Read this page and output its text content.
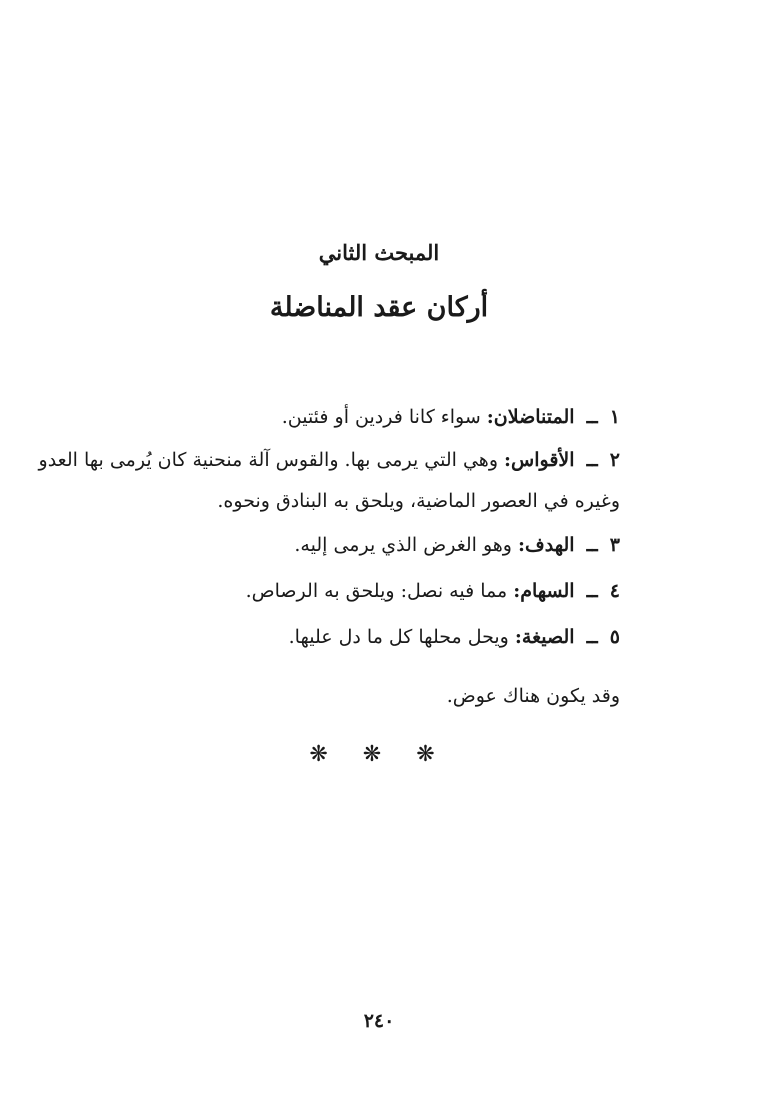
المبحث الثاني
أركان عقد المناضلة

١ ــ المتناضلان: سواء كانا فردين أو فئتين.

٢ ــ الأقواس: وهي التي يرمى بها. والقوس آلة منحنية كان يُرمى بها العدو وغيره في العصور الماضية، ويلحق به البنادق ونحوه.

٣ ــ الهدف: وهو الغرض الذي يرمى إليه.

٤ ــ السهام: مما فيه نصل: ويلحق به الرصاص.

٥ ــ الصيغة: ويحل محلها كل ما دل عليها.

وقد يكون هناك عوض.
❋ ❋ ❋
٢٤٠
